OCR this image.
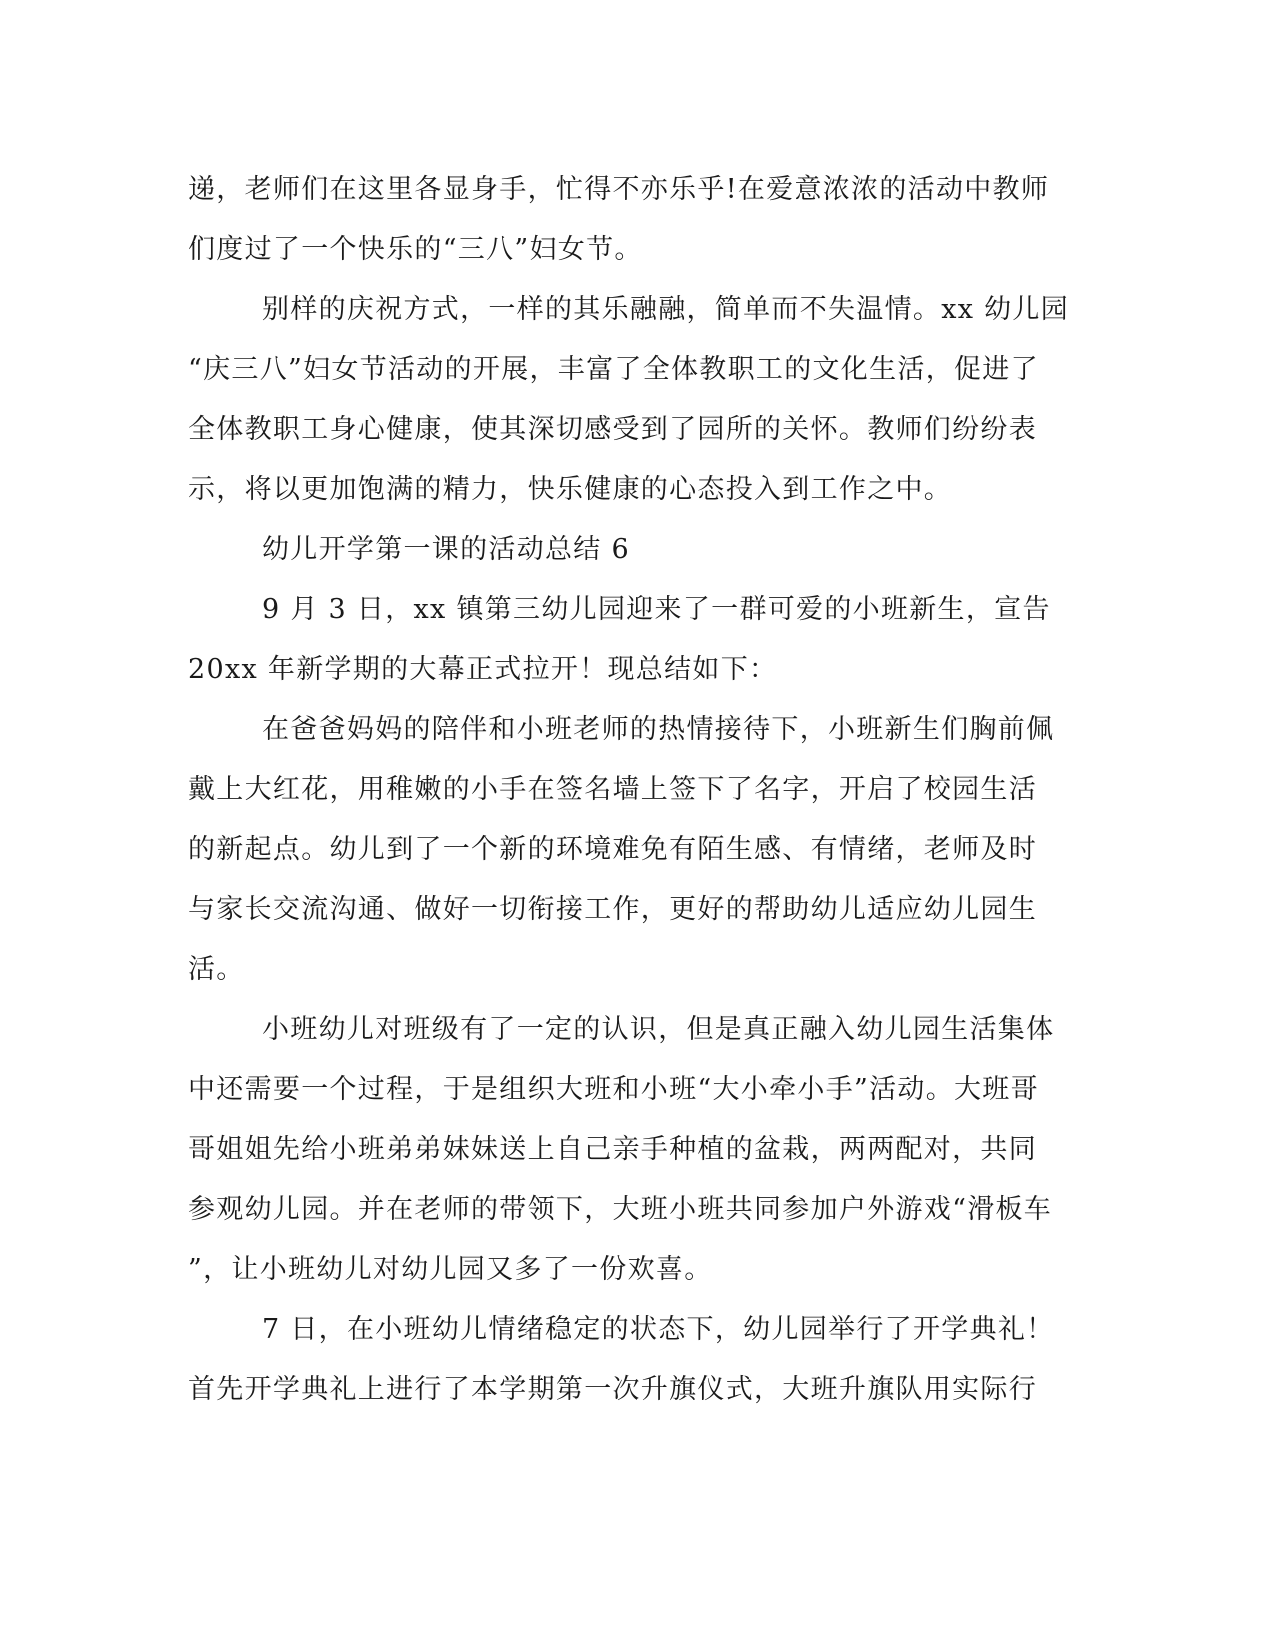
递，老师们在这里各显身手，忙得不亦乐乎!在爱意浓浓的活动中教师
们度过了一个快乐的“三八”妇女节。
别样的庆祝方式，一样的其乐融融，简单而不失温情。xx 幼儿园
“庆三八”妇女节活动的开展，丰富了全体教职工的文化生活，促进了
全体教职工身心健康，使其深切感受到了园所的关怀。教师们纷纷表
示，将以更加饱满的精力，快乐健康的心态投入到工作之中。
幼儿开学第一课的活动总结 6
9 月 3 日，xx 镇第三幼儿园迎来了一群可爱的小班新生，宣告
20xx 年新学期的大幕正式拉开！现总结如下：
在爸爸妈妈的陪伴和小班老师的热情接待下，小班新生们胸前佩
戴上大红花，用稚嫩的小手在签名墙上签下了名字，开启了校园生活
的新起点。幼儿到了一个新的环境难免有陌生感、有情绪，老师及时
与家长交流沟通、做好一切衔接工作，更好的帮助幼儿适应幼儿园生
活。
小班幼儿对班级有了一定的认识，但是真正融入幼儿园生活集体
中还需要一个过程，于是组织大班和小班“大小牵小手”活动。大班哥
哥姐姐先给小班弟弟妹妹送上自己亲手种植的盆栽，两两配对，共同
参观幼儿园。并在老师的带领下，大班小班共同参加户外游戏“滑板车
”，让小班幼儿对幼儿园又多了一份欢喜。
7 日，在小班幼儿情绪稳定的状态下，幼儿园举行了开学典礼！
首先开学典礼上进行了本学期第一次升旗仪式，大班升旗队用实际行
